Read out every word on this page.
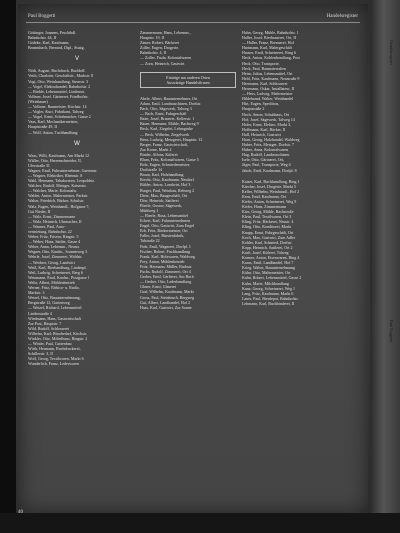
Handelsregister
Paul Boggetti
Paul Boggetti	Handelsregister
Göttinger, Joannes, Fruchthdl.
Bahnhofstr. 44, II
Gödeke, Karl, Kaufmann,
Brunnsbach, Bernard, Dipl., Stuttg.
V
Nöth, August, Buchdruck, Buchbdl.
Veith, Charlotte, Geschäftsfr., Markstr. 8
Vogt, Otto, Weinhandlung, Sternstr. 3
— Vogel, Elektrohandel, Bahnhofstr. 2
— Bürkle, Lebensmittel, Lindenstr.
Vollmer, Josef, Gärtnerei, Friedhofstr.
(Weinbauer)
— Vollmer, Baumeister, Kirchstr. 14
— Vogler, Kurt, Fabrikant, Talweg
— Vogel, Ernst, Schuhmacher, Gasse 2
Vaas, Karl, Mechanikermeister,
Hauptstraße 49, II
— Wolf, Anton, Tuchhandlung
W
Waas, Willi, Kaufmann, Am Markt 12
Wäller, Otto, Herrenschneider, II,
Uferstraße 31
Wagner, Emil, Fuhrunternehmer, Gartenstr.
— Wagner, Elektriker, Rheinstr. 8
Wahl, Hermann, Tabakwaren, Leopoldstr.
Walcher, Rudolf, Metzger, Kaiserstr.
— Walcher, Marie, Kolonialw.
Walder, Anton, Malermeister, Parkstr.
Walter, Friedrich, Bäcker, Schulstr.
Walz, Eugen, Weinhandl., Hofgasse 7,
Gut Nieder, II
— Walz, Ernst, Zimmermann
— Walz, Heinrich, Uhrmacher, II
— Wanner, Paul, Auto-
vermietung, Bahnhofstr. 22
Weber, Fritz, Friseur, Ringstr. 5
— Weber, Hans, Sattler, Gasse 4
Weber, Anna, Lebensm., Neustr.
Wegner, Otto, Kaufm., Sonnenweg 3
Wehrle, Josef, Zimmerei, Waldstr.
— Weidner, Georg, Landwirt
Weiß, Karl, Bierhandlung, Lindenpl.
Weil, Ludwig, Schreinerei, Berg 6
Weinmann, Emil, Kaufm., Postgasse 1
Welte, Albert, Mühlenbetrieb
Werner, Fritz, Elektro- u. Radio,
Markstr. 3
Wetzel, Otto, Bauunternehmung,
Bergstraße 12, Gartenweg
— Wetzel, Richard, Lebensmittel
Lindenstraße 4
Wiedmann, Hans, Gastwirtschaft
Zur Post, Hauptstr. 7
Wild, Rudolf, Schlosserei
Wilhelm, Karl, Bürobedarf, Kirchstr.
Winkler, Otto, Möbelhaus, Ringstr. 2
— Winter, Paul, Gartenbau
Wirth, Hermann, Buchdruckerei,
Schillerstr. 3, II
Wolf, Georg, Textilwaren, Markt 6
Wunderlich, Franz, Lederwaren
Zimmermann, Hans, Lebensm.,
Hauptstr. 19, II
Zinser, Robert, Bäckerei
Zoller, Eugen, Drogerie,
Bahnhofstr. 4, II
— Zoller, Paula, Kolonialwaren
— Zorn, Heinrich, Gastwirt
Einträge aus anderen Orten
Auswärtige Handelsfirmen
Abele, Albert, Bauunternehmer, Ort
Adam, Emil, Landmaschinen, Dorfstr.
Bach, Otto, Sägewerk, Talweg 3
— Bach, Ernst, Fuhrgeschäft
Baier, Josef, Brauerei, Kellerstr. 1
Bauer, Hermann, Mühle, Bachweg 9
Beck, Karl, Ziegelei, Lehmgrube
— Beck, Wilhelm, Ziegelwerk
Benz, Ludwig, Metzgerei, Hauptstr. 12
Berger, Franz, Gastwirtschaft,
Zur Krone, Markt 2
Binder, Alfons, Küferei
Blum, Fritz, Kolonialwaren, Gasse 5
Bolz, Eugen, Schmiedemeister,
Dorfstraße 14
Braun, Karl, Holzhandlung
Brecht, Otto, Kaufmann, Neudorf
Bühler, Anton, Landwirt, Hof 3
Burger, Paul, Weinbau, Rebweg 2
Dietz, Max, Baugeschäft, Ort
Dörr, Heinrich, Sattlerei
Eberle, Gustav, Sägewerk,
Mühlweg 1
— Eberle, Rosa, Lebensmittel
Eckert, Karl, Fuhrunternehmen
Engel, Otto, Gastwirt, Zum Engel
Erb, Fritz, Bäckermeister, Ort
Faller, Josef, Bürstenfabrik,
Talstraße 22
Fink, Emil, Wagnerei, Dorfpl. 1
Fischer, Robert, Fischhandlung
Frank, Karl, Holzwaren, Waldweg
Frey, Anton, Mühlenbetrieb
Fritz, Hermann, Müller, Bachstr.
Fuchs, Rudolf, Zimmerei, Ort 4
Gerber, Emil, Gerberei, Am Bach
— Gerber, Otto, Lederhandlung
Glaser, Ernst, Glaserei
Graf, Wilhelm, Kaufmann, Markt
Gross, Paul, Steinbruch, Bergweg
Gut, Albert, Landhandel, Hof 2
Haas, Karl, Gastwirt, Zur Sonne
Hahn, Georg, Mühle, Bahnhofstr. 1
Haller, Josef, Bierbrauerei, Ort, II
— Haller, Franz, Brennerei, Hof
Hartmann, Karl, Malergeschäft
Hauser, Emil, Schreinerei, Ring 6
Heck, Anton, Kohlenhandlung, Post
Heck, Otto, Transporte,
Heck, Paul, Baumaterialien
Heim, Julius, Lebensmittel, Ort
Held, Fritz, Kaufmann, Neustraße 9
Herrmann, Karl, Schlosserei
Herrmann, Oskar, Installateur, II
— Hess, Ludwig, Malermeister
Hildebrand, Walter, Weinhandel
Hirt, Eugen, Spedition,
Hauptstraße 2
Hoch, Anton, Schuhhaus, Ort
Hof, Josef, Sägewerk, Talweg 14
Hofer, Ernst, Elektro, Markt 3,
Hoffmann, Karl, Bäcker, II
Holl, Heinrich, Gastwirt
Horn, Georg, Holzhandel, Waldweg
Huber, Fritz, Metzger, Dorfstr. 7
Huber, Anna, Kolonialwaren
Hug, Rudolf, Landmaschinen
Isele, Otto, Gärtnerei, Ort,
Jäger, Paul, Transporte, Weg 4
Jakob, Emil, Kaufmann, Dorfpl. 8
Kaiser, Karl, Buchhandlung, Ring 1
Kärcher, Josef, Drogerie, Markt 5
Keller, Wilhelm, Weinhandl., Hof 2
Kern, Emil, Kaufmann, Ort
Kiefer, Anton, Schreinerei, Weg 9
Kiefer, Hans, Zimmermann
Kirn, Georg, Mühle, Bachstraße
Klein, Paul, Textilwaren, Ort 3
Kling, Fritz, Bäckerei, Neustr. 4
Kling, Otto, Konditorei, Markt
Knapp, Ernst, Fuhrgeschäft, Ort
Koch, Max, Gastwirt, Zum Adler
Kohler, Karl, Schmied, Dorfstr.
Kopp, Heinrich, Sattlerei, Ort 2
Kraft, Josef, Küferei, Talweg
Kramer, Anton, Eisenwaren, Ring 4
Kraus, Emil, Landhandel, Hof 7
Krieg, Walter, Bauunternehmung
Kühn, Otto, Malermeister, Ort
Kuhn, Robert, Lebensmittel, Gasse 2
Kuhn, Marie, Milchhandlung
Kunz, Georg, Schreinerei, Weg 1
Lang, Fritz, Kaufmann, Markt 6
Lauer, Paul, Bierdepot, Bahnhofstr.
Lehmann, Karl, Buchbinderei, II
